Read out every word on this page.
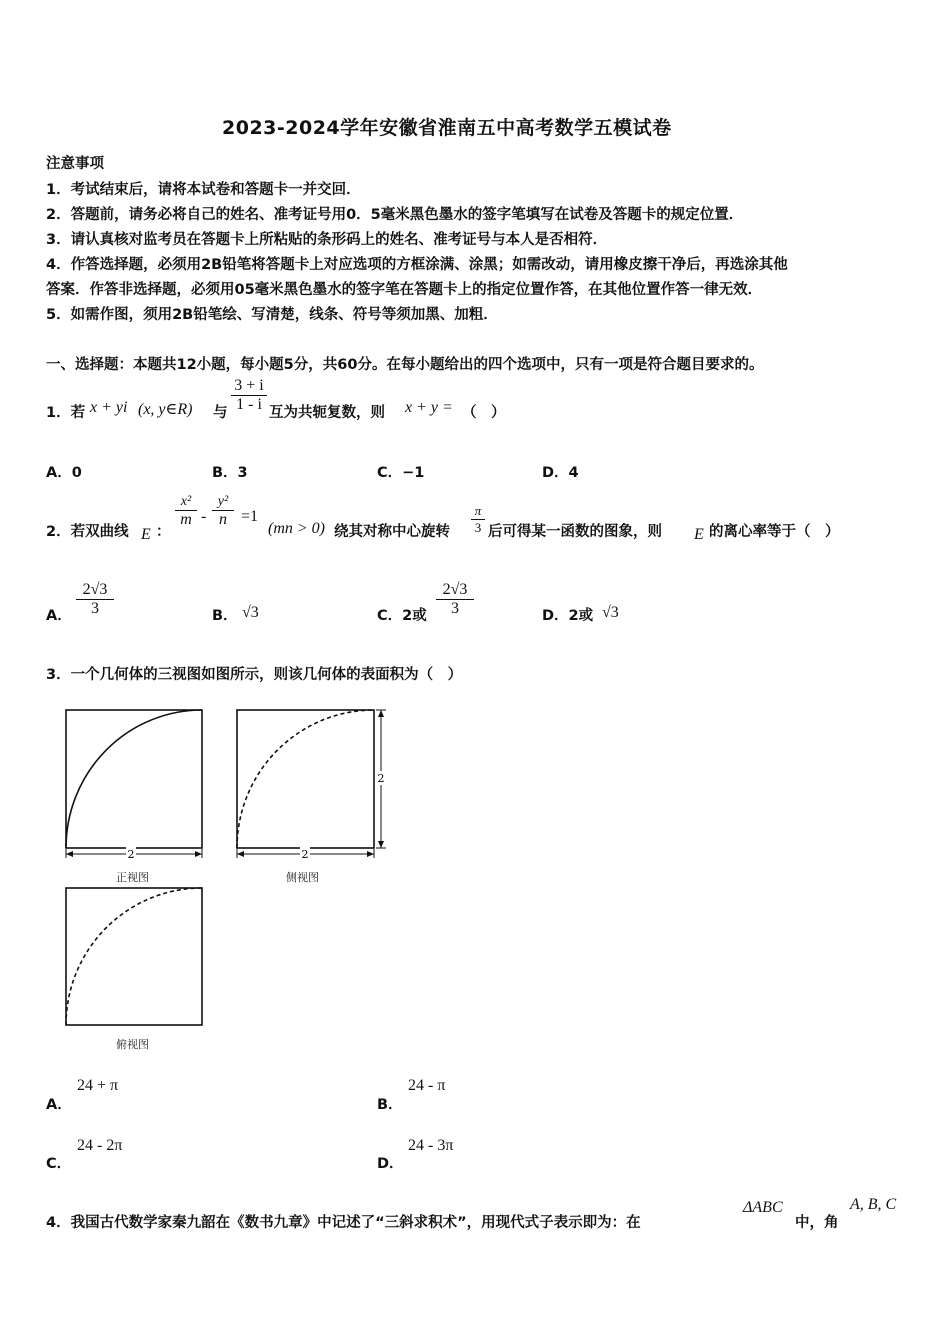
2023-2024学年安徽省淮南五中高考数学五模试卷
注意事项
1．考试结束后，请将本试卷和答题卡一并交回．
2．答题前，请务必将自己的姓名、准考证号用0．5毫米黑色墨水的签字笔填写在试卷及答题卡的规定位置．
3．请认真核对监考员在答题卡上所粘贴的条形码上的姓名、准考证号与本人是否相符．
4．作答选择题，必须用2B铅笔将答题卡上对应选项的方框涂满、涂黑；如需改动，请用橡皮擦干净后，再选涂其他
答案．作答非选择题，必须用05毫米黑色墨水的签字笔在答题卡上的指定位置作答，在其他位置作答一律无效．
5．如需作图，须用2B铅笔绘、写清楚，线条、符号等须加黑、加粗．
一、选择题：本题共12小题，每小题5分，共60分。在每小题给出的四个选项中，只有一项是符合题目要求的。
1．若 x + yi (x, y∈R) 与
3 + i
1 - i 互为共轭复数，则 x + y = （　）
A．0	B．3	C．−1	D．4
2．若双曲线 E ：
x²
m -
y²
n =1
(mn > 0) 绕其对称中心旋转
π
3 后可得某一函数的图象，则 E 的离心率等于（　）
A．
2√3
3	B． √3	C．2或
2√3
3	D．2或 √3
3．一个几何体的三视图如图所示，则该几何体的表面积为（　）
2
正视图
2
2
侧视图
俯视图
A．
24 + π
B．
24 - π
C．
24 - 2π
D．
24 - 3π
4．我国古代数学家秦九韶在《数书九章》中记述了“三斜求积术”，用现代式子表示即为：在
ΔABC
中，角
A, B, C
